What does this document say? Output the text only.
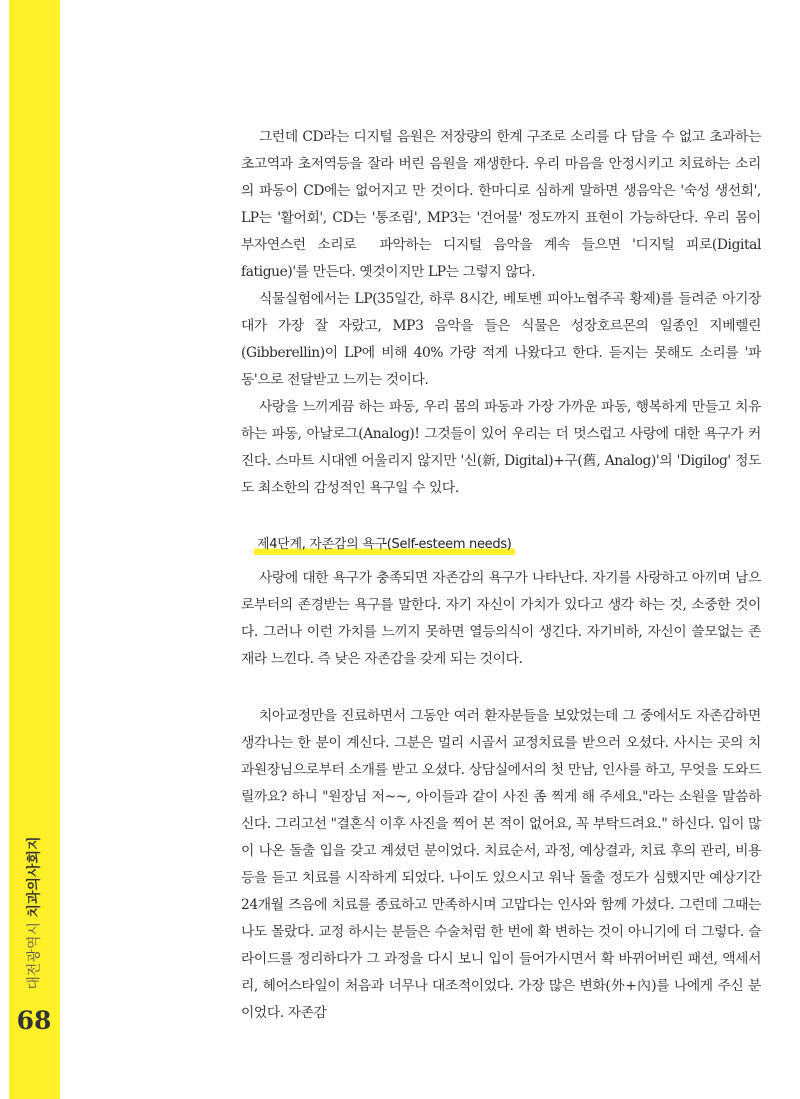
대전광역시 치과의사회지
68

그런데 CD라는 디지털 음원은 저장량의 한계 구조로 소리를 다 담을 수 없고 초과하는 초고역과 초저역등을 잘라 버린 음원을 재생한다. 우리 마음을 안정시키고 치료하는 소리의 파동이 CD에는 없어지고 만 것이다. 한마디로 심하게 말하면 생음악은 '숙성 생선회', LP는 '활어회', CD는 '통조림', MP3는 '건어물' 정도까지 표현이 가능하단다. 우리 몸이 부자연스런 소리로  파악하는 디지털 음악을 계속 들으면 '디지털 피로(Digital fatigue)'를 만든다. 옛것이지만 LP는 그렇지 않다.

식물실험에서는 LP(35일간, 하루 8시간, 베토벤 피아노협주곡 황제)를 들려준 아기장대가 가장 잘 자랐고, MP3 음악을 들은 식물은 성장호르몬의 일종인 지베렐린(Gibberellin)이 LP에 비해 40% 가량 적게 나왔다고 한다. 듣지는 못해도 소리를 '파동'으로 전달받고 느끼는 것이다.

사랑을 느끼게끔 하는 파동, 우리 몸의 파동과 가장 가까운 파동, 행복하게 만들고 치유하는 파동, 아날로그(Analog)! 그것들이 있어 우리는 더 멋스럽고 사랑에 대한 욕구가 커진다. 스마트 시대엔 어울리지 않지만 '신(新, Digital)+구(舊, Analog)'의 'Digilog' 정도도 최소한의 감성적인 욕구일 수 있다.

사랑에 대한 욕구가 충족되면 자존감의 욕구가 나타난다. 자기를 사랑하고 아끼며 남으로부터의 존경받는 욕구를 말한다. 자기 자신이 가치가 있다고 생각 하는 것, 소중한 것이다. 그러나 이런 가치를 느끼지 못하면 열등의식이 생긴다. 자기비하, 자신이 쓸모없는 존재라 느낀다. 즉 낮은 자존감을 갖게 되는 것이다.

치아교정만을 진료하면서 그동안 여러 환자분들을 보았었는데 그 중에서도 자존감하면 생각나는 한 분이 계신다. 그분은 멀리 시골서 교정치료를 받으러 오셨다. 사시는 곳의 치과원장님으로부터 소개를 받고 오셨다. 상담실에서의 첫 만남, 인사를 하고, 무엇을 도와드릴까요? 하니 "원장님 저~~, 아이들과 같이 사진 좀 찍게 해 주세요."라는 소원을 말씀하신다. 그리고선 "결혼식 이후 사진을 찍어 본 적이 없어요, 꼭 부탁드려요." 하신다. 입이 많이 나온 돌출 입을 갖고 계셨던 분이었다. 치료순서, 과정, 예상결과, 치료 후의 관리, 비용 등을 듣고 치료를 시작하게 되었다. 나이도 있으시고 워낙 돌출 정도가 심했지만 예상기간 24개월 즈음에 치료를 종료하고 만족하시며 고맙다는 인사와 함께 가셨다. 그런데 그때는 나도 몰랐다. 교정 하시는 분들은 수술처럼 한 번에 확 변하는 것이 아니기에 더 그렇다. 슬라이드를 정리하다가 그 과정을 다시 보니 입이 들어가시면서 확 바뀌어버린 패션, 액세서리, 헤어스타일이 처음과 너무나 대조적이었다. 가장 많은 변화(外+內)를 나에게 주신 분이었다. 자존감

제4단계, 자존감의 욕구(Self-esteem needs)
